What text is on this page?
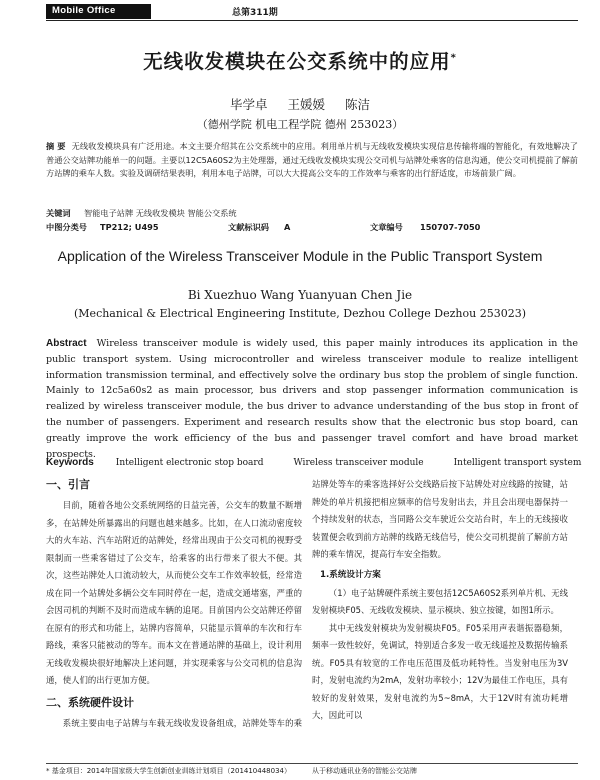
Mobile Office	总第311期
无线收发模块在公交系统中的应用*
毕学卓 王媛媛 陈洁
（德州学院 机电工程学院 德州 253023）
摘 要 无线收发模块具有广泛用途。本文主要介绍其在公交系统中的应用。利用单片机与无线收发模块实现信息传输将端的智能化，有效地解决了普通公交站牌功能单一的问题。主要以12C5A60S2为主处理器，通过无线收发模块实现公交司机与站牌处乘客的信息沟通，使公交司机提前了解前方站牌的乘车人数。实验及调研结果表明，利用本电子站牌，可以大大提高公交车的工作效率与乘客的出行舒适度，市场前景广阔。
关键词 智能电子站牌 无线收发模块 智能公交系统
中图分类号 TP212; U495	文献标识码 A	文章编号 150707-7050
Application of the Wireless Transceiver Module in the Public Transport System
Bi Xuezhuo Wang Yuanyuan Chen Jie
(Mechanical & Electrical Engineering Institute, Dezhou College Dezhou 253023)
Abstract Wireless transceiver module is widely used, this paper mainly introduces its application in the public transport system. Using microcontroller and wireless transceiver module to realize intelligent information transmission terminal, and effectively solve the ordinary bus stop the problem of single function. Mainly to 12c5a60s2 as main processor, bus drivers and stop passenger information communication is realized by wireless transceiver module, the bus driver to advance understanding of the bus stop in front of the number of passengers. Experiment and research results show that the electronic bus stop board, can greatly improve the work efficiency of the bus and passenger travel comfort and have broad market prospects.
Keywords Intelligent electronic stop board	Wireless transceiver module	Intelligent transport system
一、引言

目前，随着各地公交系统网络的日益完善，公交车的数量不断增多，在站牌处所暴露出的问题也越来越多。比如，在人口流动密度较大的火车站、汽车站附近的站牌处，经常出现由于公交司机的视野受限制而一些乘客错过了公交车，给乘客的出行带来了很大不便。其次，这些站牌处人口流动较大，从而使公交车工作效率较低，经常造成在同一个站牌处多辆公交车同时停在一起，造成交通堵塞，严重的会因司机的判断不及时而造成车辆的追尾。目前国内公交站牌还停留在原有的形式和功能上，站牌内容简单，只能显示简单的车次和行车路线，乘客只能被动的等车。而本文在普通站牌的基础上，设计利用无线收发模块很好地解决上述问题，并实现乘客与公交司机的信息沟通，使人们的出行更加方便。

二、系统硬件设计

系统主要由电子站牌与车载无线收发设备组成，站牌处等车的乘

站牌处等车的乘客选择好公交线路后按下站牌处对应线路的按键，站牌处的单片机接把相应频率的信号发射出去，并且会出现电器保持一个持续发射的状态，当同路公交车驶近公交站台时，车上的无线接收装置便会收到前方站牌的线路无线信号，使公交司机提前了解前方站牌的乘车情况，提高行车安全指数。

1.系统设计方案

（1）电子站牌硬件系统主要包括12C5A60S2系列单片机、无线发射模块F05、无线收发模块、显示模块、独立按键，如图1所示。

其中无线发射模块为发射模块F05。F05采用声表谐振器稳频，频率一致性较好，免调试，特别适合多发一收无线遥控及数据传输系统。F05具有较宽的工作电压范围及低功耗特性。当发射电压为3V时，发射电流约为2mA，发射功率较小；12V为最佳工作电压，具有较好的发射效果，发射电流约为5~8mA，大于12V时有流功耗增大，因此可以

* 基金项目：2014年国家级大学生创新创业训练计划项目（201410448034）	从于移动通讯业务的智能公交站牌
